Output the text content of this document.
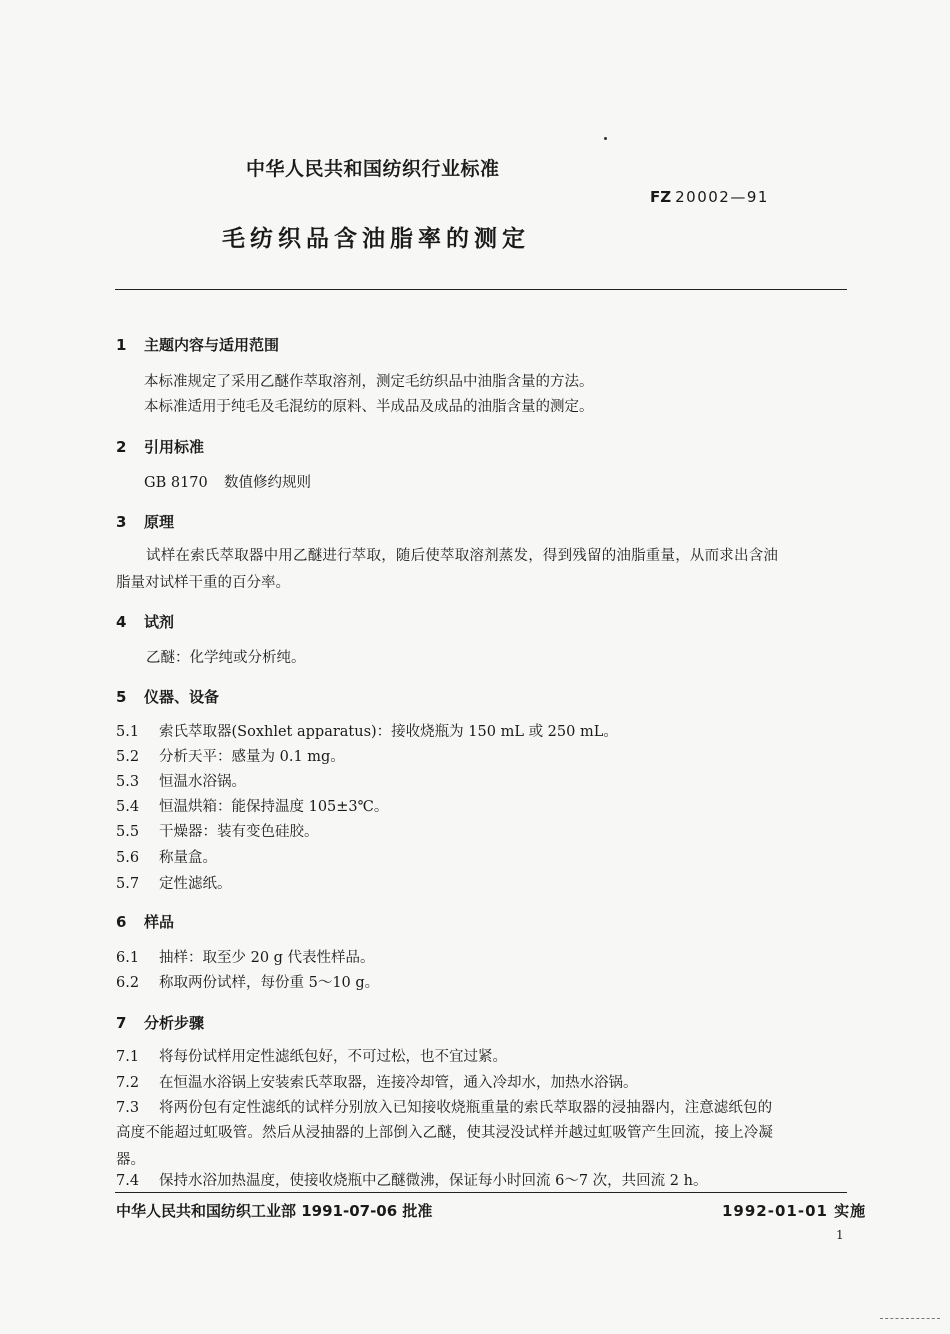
中华人民共和国纺织行业标准
FZ 20002—91
毛纺织品含油脂率的测定
1 主题内容与适用范围
本标准规定了采用乙醚作萃取溶剂，测定毛纺织品中油脂含量的方法。
本标准适用于纯毛及毛混纺的原料、半成品及成品的油脂含量的测定。
2 引用标准
GB 8170 数值修约规则
3 原理
试样在索氏萃取器中用乙醚进行萃取，随后使萃取溶剂蒸发，得到残留的油脂重量，从而求出含油
脂量对试样干重的百分率。
4 试剂
乙醚：化学纯或分析纯。
5 仪器、设备
5.1 索氏萃取器(Soxhlet apparatus)：接收烧瓶为 150 mL 或 250 mL。
5.2 分析天平：感量为 0.1 mg。
5.3 恒温水浴锅。
5.4 恒温烘箱：能保持温度 105±3℃。
5.5 干燥器：装有变色硅胶。
5.6 称量盒。
5.7 定性滤纸。
6 样品
6.1 抽样：取至少 20 g 代表性样品。
6.2 称取两份试样，每份重 5～10 g。
7 分析步骤
7.1 将每份试样用定性滤纸包好，不可过松，也不宜过紧。
7.2 在恒温水浴锅上安装索氏萃取器，连接冷却管，通入冷却水，加热水浴锅。
7.3 将两份包有定性滤纸的试样分别放入已知接收烧瓶重量的索氏萃取器的浸抽器内，注意滤纸包的
高度不能超过虹吸管。然后从浸抽器的上部倒入乙醚，使其浸没试样并越过虹吸管产生回流，接上冷凝
器。
7.4 保持水浴加热温度，使接收烧瓶中乙醚微沸，保证每小时回流 6～7 次，共回流 2 h。
中华人民共和国纺织工业部 1991-07-06 批准	1992-01-01 实施
1
